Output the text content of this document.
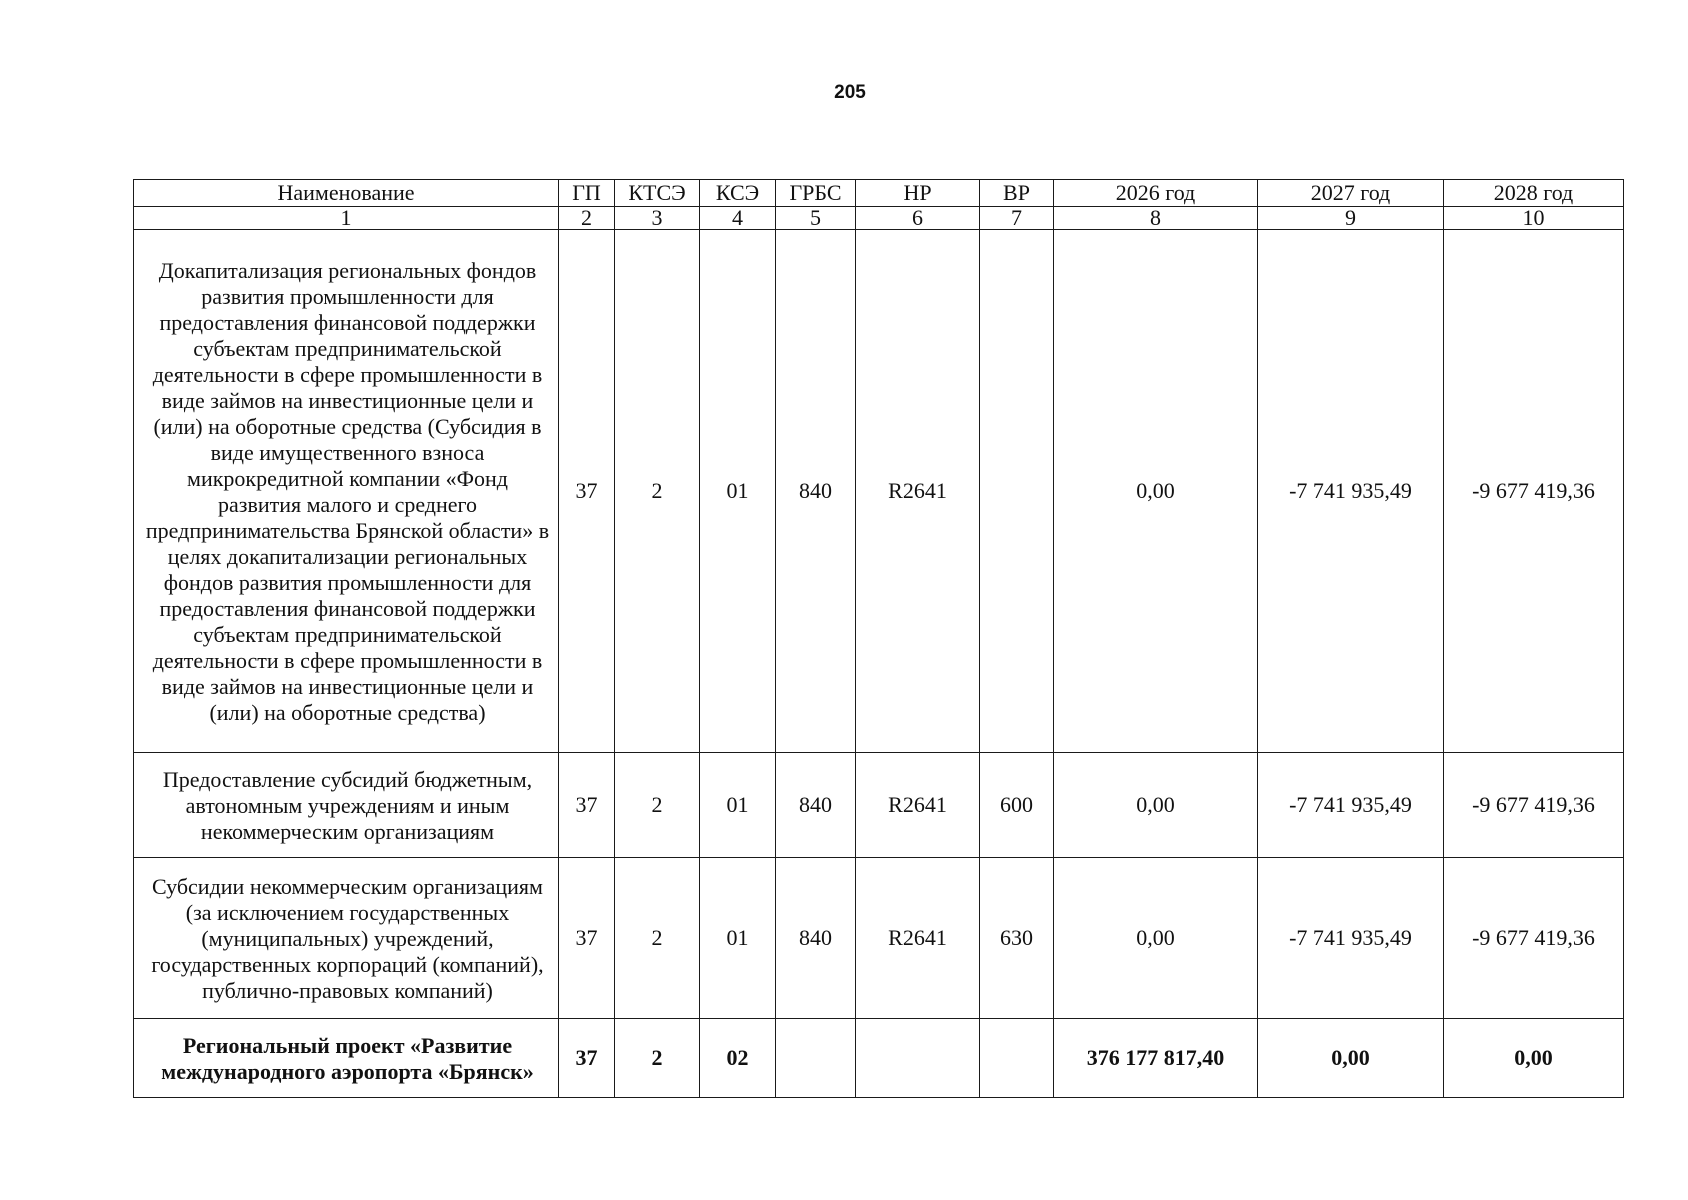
205
Наименование	ГП	КТСЭ	КСЭ	ГРБС	НР	ВР	2026 год	2027 год	2028 год
1	2	3	4	5	6	7	8	9	10
Докапитализация региональных фондов развития промышленности для предоставления финансовой поддержки субъектам предпринимательской деятельности в сфере промышленности в виде займов на инвестиционные цели и (или) на оборотные средства (Субсидия в виде имущественного взноса микрокредитной компании «Фонд развития малого и среднего предпринимательства Брянской области» в целях докапитализации региональных фондов развития промышленности для предоставления финансовой поддержки субъектам предпринимательской деятельности в сфере промышленности в виде займов на инвестиционные цели и (или) на оборотные средства)	37	2	01	840	R2641		0,00	-7 741 935,49	-9 677 419,36
Предоставление субсидий бюджетным, автономным учреждениям и иным некоммерческим организациям	37	2	01	840	R2641	600	0,00	-7 741 935,49	-9 677 419,36
Субсидии некоммерческим организациям (за исключением государственных (муниципальных) учреждений, государственных корпораций (компаний), публично-правовых компаний)	37	2	01	840	R2641	630	0,00	-7 741 935,49	-9 677 419,36
Региональный проект «Развитие международного аэропорта «Брянск»	37	2	02				376 177 817,40	0,00	0,00
